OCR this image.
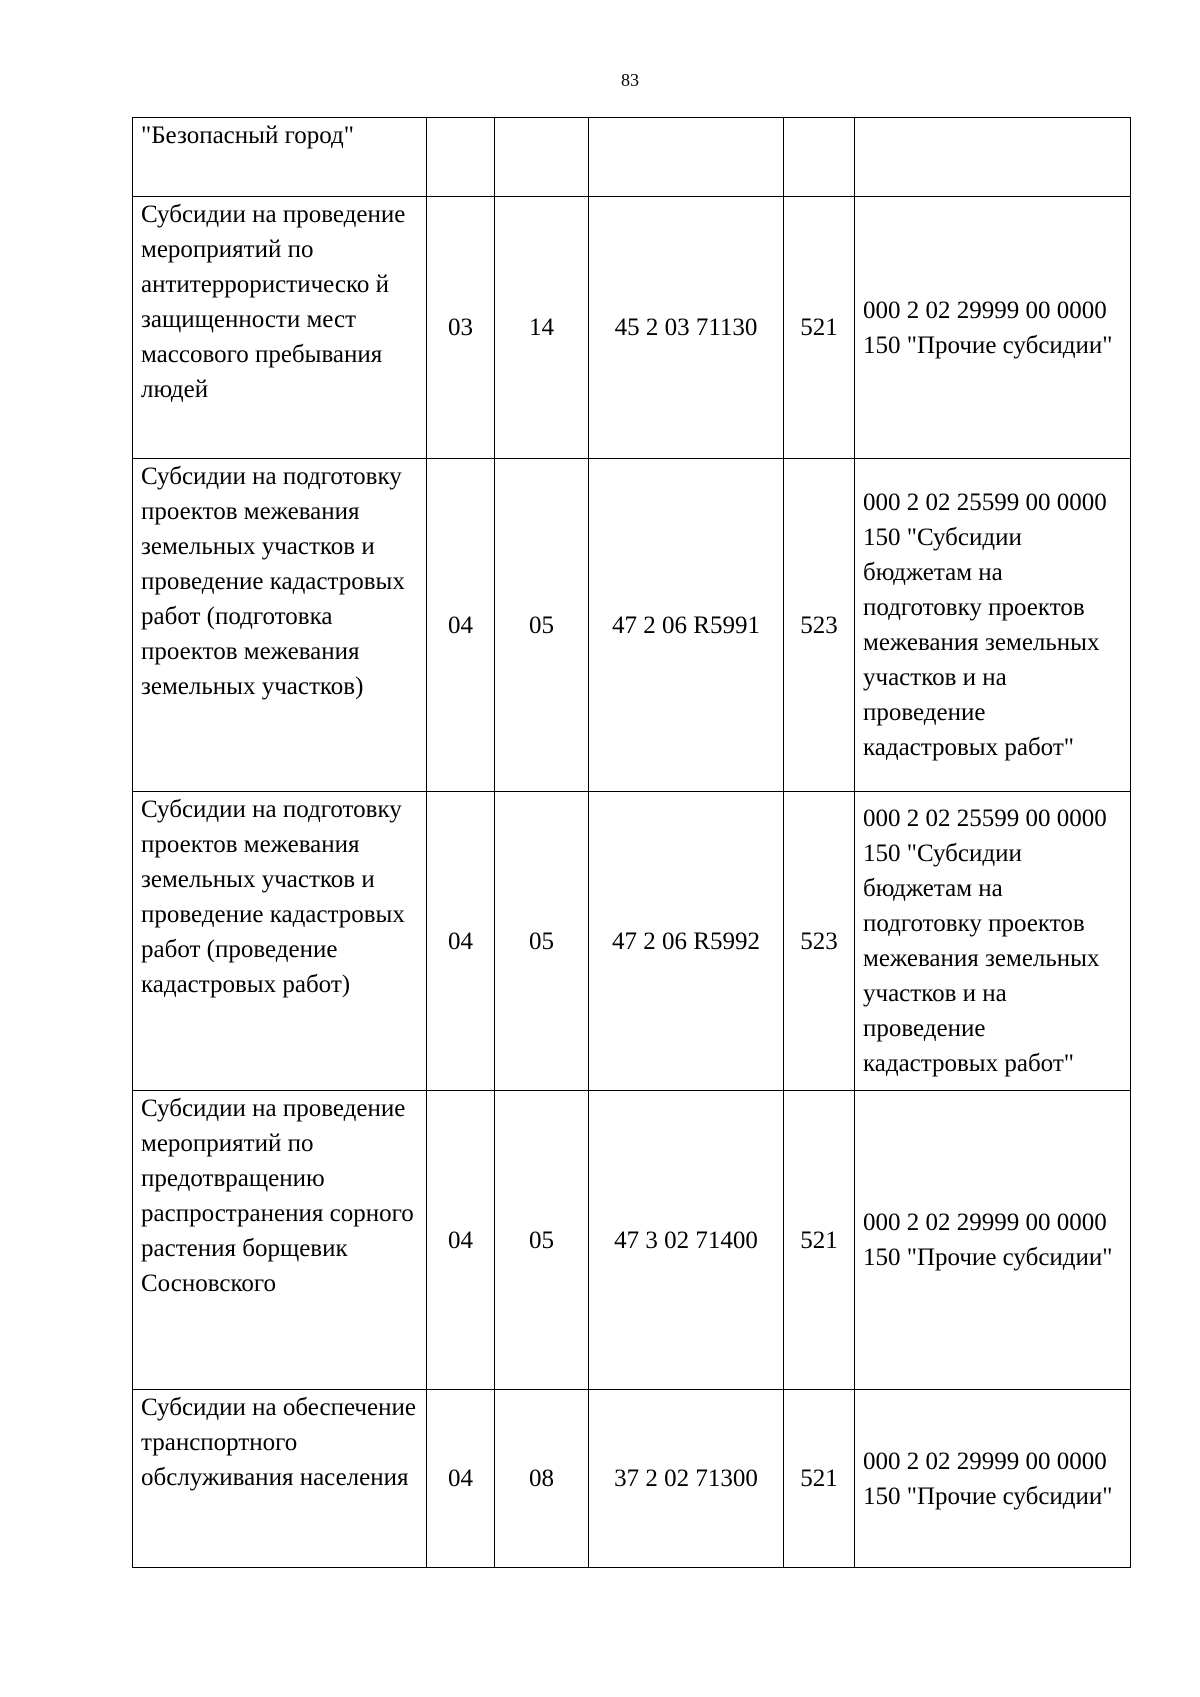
83
"Безопасный город"					
Субсидии на проведение мероприятий по антитеррористическо й защищенности мест массового пребывания людей	03	14	45 2 03 71130	521	000 2 02 29999 00 0000 150 "Прочие субсидии"
Субсидии на подготовку проектов межевания земельных участков и проведение кадастровых работ (подготовка проектов межевания земельных участков)	04	05	47 2 06 R5991	523	000 2 02 25599 00 0000 150 "Субсидии бюджетам на подготовку проектов межевания земельных участков и на проведение кадастровых работ"
Субсидии на подготовку проектов межевания земельных участков и проведение кадастровых работ (проведение кадастровых работ)	04	05	47 2 06 R5992	523	000 2 02 25599 00 0000 150 "Субсидии бюджетам на подготовку проектов межевания земельных участков и на проведение кадастровых работ"
Субсидии на проведение мероприятий по предотвращению распространения сорного растения борщевик Сосновского	04	05	47 3 02 71400	521	000 2 02 29999 00 0000 150 "Прочие субсидии"
Субсидии на обеспечение транспортного обслуживания населения	04	08	37 2 02 71300	521	000 2 02 29999 00 0000 150 "Прочие субсидии"
